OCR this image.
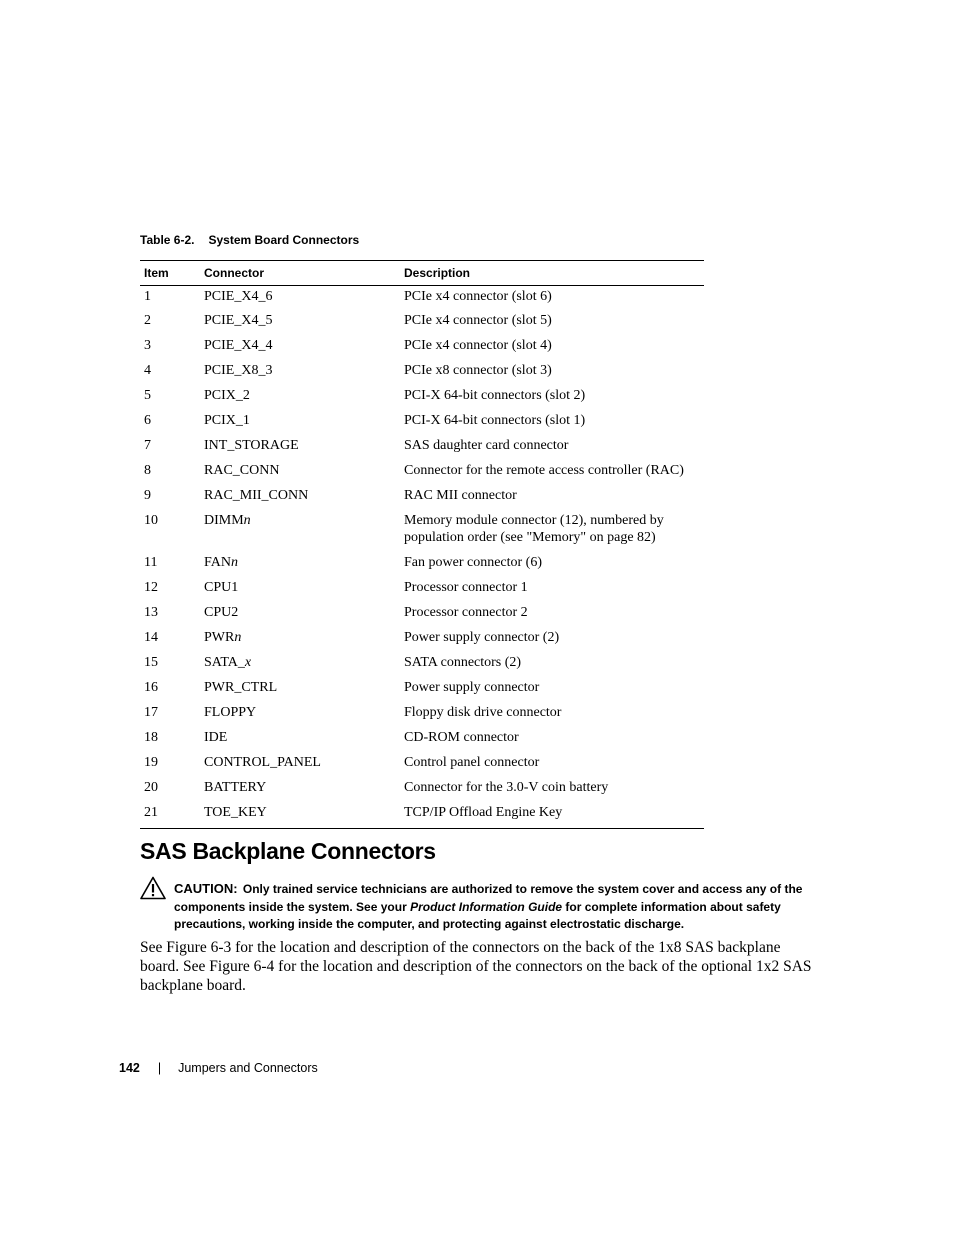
Table 6-2. System Board Connectors
Item	Connector	Description
1	PCIE_X4_6	PCIe x4 connector (slot 6)
2	PCIE_X4_5	PCIe x4 connector (slot 5)
3	PCIE_X4_4	PCIe x4 connector (slot 4)
4	PCIE_X8_3	PCIe x8 connector (slot 3)
5	PCIX_2	PCI-X 64-bit connectors (slot 2)
6	PCIX_1	PCI-X 64-bit connectors (slot 1)
7	INT_STORAGE	SAS daughter card connector
8	RAC_CONN	Connector for the remote access controller (RAC)
9	RAC_MII_CONN	RAC MII connector
10	DIMMn	Memory module connector (12), numbered by population order (see "Memory" on page 82)
11	FANn	Fan power connector (6)
12	CPU1	Processor connector 1
13	CPU2	Processor connector 2
14	PWRn	Power supply connector (2)
15	SATA_x	SATA connectors (2)
16	PWR_CTRL	Power supply connector
17	FLOPPY	Floppy disk drive connector
18	IDE	CD-ROM connector
19	CONTROL_PANEL	Control panel connector
20	BATTERY	Connector for the 3.0-V coin battery
21	TOE_KEY	TCP/IP Offload Engine Key
SAS Backplane Connectors
CAUTION: Only trained service technicians are authorized to remove the system cover and access any of the components inside the system. See your Product Information Guide for complete information about safety precautions, working inside the computer, and protecting against electrostatic discharge.

See Figure 6-3 for the location and description of the connectors on the back of the 1x8 SAS backplane board. See Figure 6-4 for the location and description of the connectors on the back of the optional 1x2 SAS backplane board.

142 | Jumpers and Connectors
